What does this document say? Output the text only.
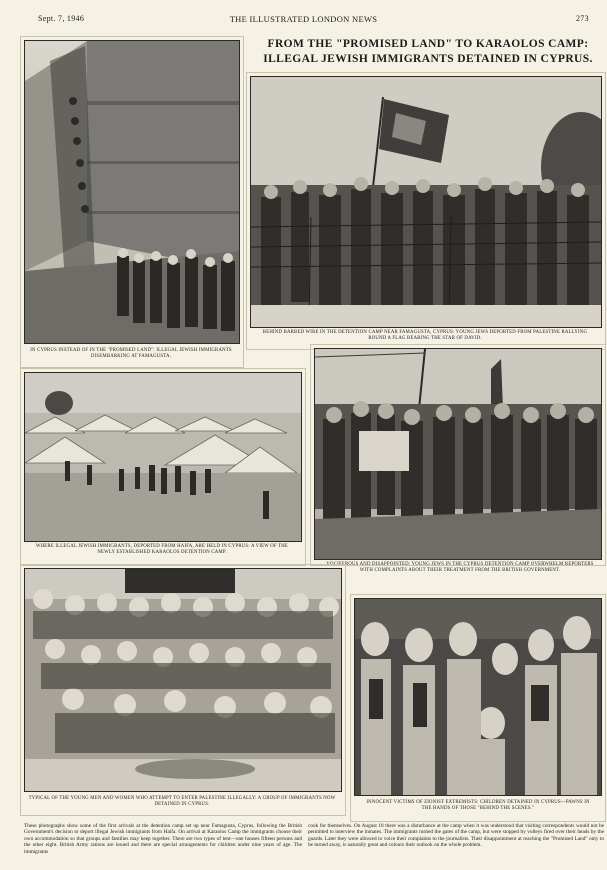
Sept. 7, 1946	THE ILLUSTRATED LONDON NEWS	273
FROM THE "PROMISED LAND" TO KARAOLOS CAMP:
ILLEGAL JEWISH IMMIGRANTS DETAINED IN CYPRUS.
IN CYPRUS INSTEAD OF IN THE "PROMISED LAND": ILLEGAL JEWISH IMMIGRANTS DISEMBARKING AT FAMAGUSTA.
BEHIND BARBED WIRE IN THE DETENTION CAMP NEAR FAMAGUSTA, CYPRUS: YOUNG JEWS DEPORTED FROM PALESTINE RALLYING ROUND A FLAG BEARING THE STAR OF DAVID.
WHERE ILLEGAL JEWISH IMMIGRANTS, DEPORTED FROM HAIFA, ARE HELD IN CYPRUS: A VIEW OF THE NEWLY ESTABLISHED KARAOLOS DETENTION CAMP.
VOCIFEROUS AND DISAPPOINTED: YOUNG JEWS IN THE CYPRUS DETENTION CAMP OVERWHELM REPORTERS WITH COMPLAINTS ABOUT THEIR TREATMENT FROM THE BRITISH GOVERNMENT.
TYPICAL OF THE YOUNG MEN AND WOMEN WHO ATTEMPT TO ENTER PALESTINE ILLEGALLY: A GROUP OF IMMIGRANTS NOW DETAINED IN CYPRUS.	INNOCENT VICTIMS OF ZIONIST EXTREMISTS: CHILDREN DETAINED IN CYPRUS—PAWNS IN THE HANDS OF THOSE "BEHIND THE SCENES."
These photographs show some of the first arrivals at the detention camp set up near Famagusta, Cyprus, following the British Government's decision to deport illegal Jewish immigrants from Haifa. On arrival at Karaolos Camp the immigrants choose their own accommodation so that groups and families may keep together. There are two types of tent—one houses fifteen persons and the other eight. British Army rations are issued and there are special arrangements for children under nine years of age. The immigrants
cook for themselves. On August 18 there was a disturbance at the camp when it was understood that visiting correspondents would not be permitted to interview the inmates. The immigrants rushed the gates of the camp, but were stopped by volleys fired over their heads by the guards. Later they were allowed to voice their complaints to the journalists. Their disappointment at reaching the "Promised Land" only to be turned away, is naturally great and colours their outlook on the whole problem.
